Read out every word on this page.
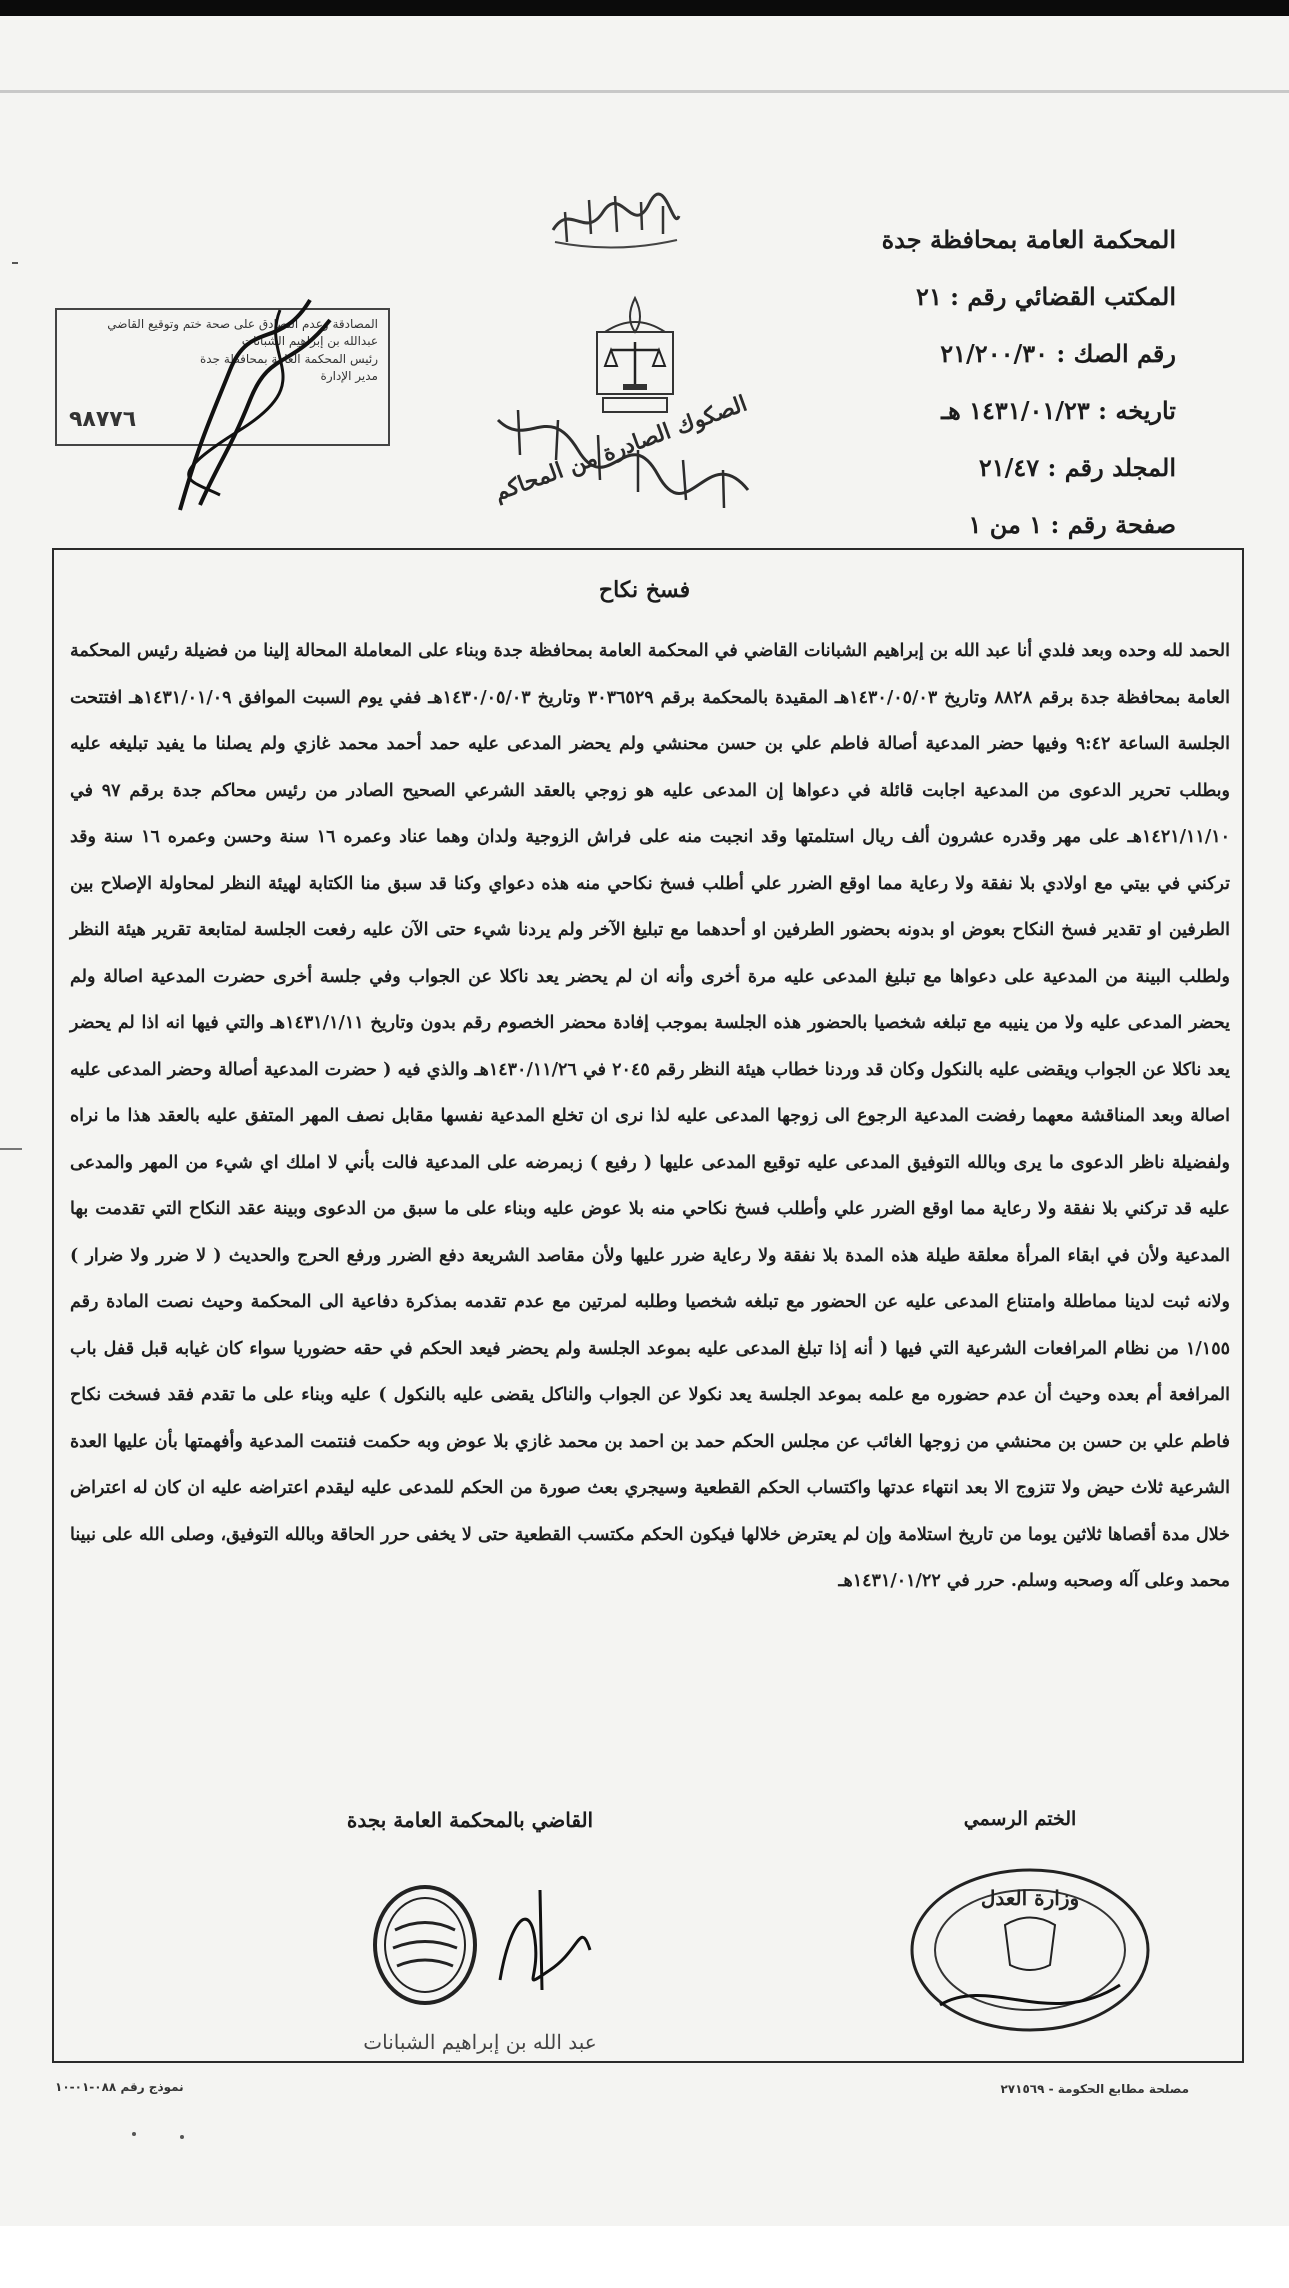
الصكوك الصادرة من المحاكم
المحكمة العامة بمحافظة جدة
المكتب القضائي رقم : ٢١
رقم الصك : ٢١/٢٠٠/٣٠
تاريخه : ١٤٣١/٠١/٢٣ هـ
المجلد رقم : ٢١/٤٧
صفحة رقم : ١ من ١
المصادقة وعدم التصادق على صحة ختم وتوقيع القاضي
عبدالله بن إبراهيم الشبانات
رئيس المحكمة العامة بمحافظة جدة
مدير الإدارة
٩٨٧٧٦
فسخ نكاح

الحمد لله وحده وبعد فلدي أنا عبد الله بن إبراهيم الشبانات القاضي في المحكمة العامة بمحافظة جدة وبناء على المعاملة المحالة إلينا من فضيلة رئيس المحكمة العامة بمحافظة جدة برقم ٨٨٢٨ وتاريخ ١٤٣٠/٠٥/٠٣هـ المقيدة بالمحكمة برقم ٣٠٣٦٥٢٩ وتاريخ ١٤٣٠/٠٥/٠٣هـ ففي يوم السبت الموافق ١٤٣١/٠١/٠٩هـ افتتحت الجلسة الساعة ٩:٤٢ وفيها حضر المدعية أصالة فاطم علي بن حسن محنشي ولم يحضر المدعى عليه حمد أحمد محمد غازي ولم يصلنا ما يفيد تبليغه عليه وبطلب تحرير الدعوى من المدعية اجابت قائلة في دعواها إن المدعى عليه هو زوجي بالعقد الشرعي الصحيح الصادر من رئيس محاكم جدة برقم ٩٧ في ١٤٢١/١١/١٠هـ على مهر وقدره عشرون ألف ريال استلمتها وقد انجبت منه على فراش الزوجية ولدان وهما عناد وعمره ١٦ سنة وحسن وعمره ١٦ سنة وقد تركني في بيتي مع اولادي بلا نفقة ولا رعاية مما اوقع الضرر علي أطلب فسخ نكاحي منه هذه دعواي وكنا قد سبق منا الكتابة لهيئة النظر لمحاولة الإصلاح بين الطرفين او تقدير فسخ النكاح بعوض او بدونه بحضور الطرفين او أحدهما مع تبليغ الآخر ولم يردنا شيء حتى الآن عليه رفعت الجلسة لمتابعة تقرير هيئة النظر ولطلب البينة من المدعية على دعواها مع تبليغ المدعى عليه مرة أخرى وأنه ان لم يحضر يعد ناكلا عن الجواب وفي جلسة أخرى حضرت المدعية اصالة ولم يحضر المدعى عليه ولا من ينيبه مع تبلغه شخصيا بالحضور هذه الجلسة بموجب إفادة محضر الخصوم رقم بدون وتاريخ ١٤٣١/١/١١هـ والتي فيها انه اذا لم يحضر يعد ناكلا عن الجواب ويقضى عليه بالنكول وكان قد وردنا خطاب هيئة النظر رقم ٢٠٤٥ في ١٤٣٠/١١/٢٦هـ والذي فيه ( حضرت المدعية أصالة وحضر المدعى عليه اصالة وبعد المناقشة معهما رفضت المدعية الرجوع الى زوجها المدعى عليه لذا نرى ان تخلع المدعية نفسها مقابل نصف المهر المتفق عليه بالعقد هذا ما نراه ولفضيلة ناظر الدعوى ما يرى وبالله التوفيق المدعى عليه توقيع المدعى عليها ( رفيع ) زبمرضه على المدعية فالت بأني لا املك اي شيء من المهر والمدعى عليه قد تركني بلا نفقة ولا رعاية مما اوقع الضرر علي وأطلب فسخ نكاحي منه بلا عوض عليه وبناء على ما سبق من الدعوى وبينة عقد النكاح التي تقدمت بها المدعية ولأن في ابقاء المرأة معلقة طيلة هذه المدة بلا نفقة ولا رعاية ضرر عليها ولأن مقاصد الشريعة دفع الضرر ورفع الحرج والحديث ( لا ضرر ولا ضرار ) ولانه ثبت لدينا مماطلة وامتناع المدعى عليه عن الحضور مع تبلغه شخصيا وطلبه لمرتين مع عدم تقدمه بمذكرة دفاعية الى المحكمة وحيث نصت المادة رقم ١/١٥٥ من نظام المرافعات الشرعية التي فيها ( أنه إذا تبلغ المدعى عليه بموعد الجلسة ولم يحضر فيعد الحكم في حقه حضوريا سواء كان غيابه قبل قفل باب المرافعة أم بعده وحيث أن عدم حضوره مع علمه بموعد الجلسة يعد نكولا عن الجواب والناكل يقضى عليه بالنكول ) عليه وبناء على ما تقدم فقد فسخت نكاح فاطم علي بن حسن بن محنشي من زوجها الغائب عن مجلس الحكم حمد بن احمد بن محمد غازي بلا عوض وبه حكمت فنتمت المدعية وأفهمتها بأن عليها العدة الشرعية ثلاث حيض ولا تتزوج الا بعد انتهاء عدتها واكتساب الحكم القطعية وسيجري بعث صورة من الحكم للمدعى عليه ليقدم اعتراضه عليه ان كان له اعتراض خلال مدة أقصاها ثلاثين يوما من تاريخ استلامة وإن لم يعترض خلالها فيكون الحكم مكتسب القطعية حتى لا يخفى حرر الحاقة وبالله التوفيق، وصلى الله على نبينا محمد وعلى آله وصحبه وسلم. حرر في ١٤٣١/٠١/٢٢هـ

القاضي بالمحكمة العامة بجدة	الختم الرسمي
عبد الله بن إبراهيم الشبانات
وزارة العدل
مصلحة مطابع الحكومة - ٢٧١٥٦٩
نموذج رقم ٠٨٨-٠١-١٠
